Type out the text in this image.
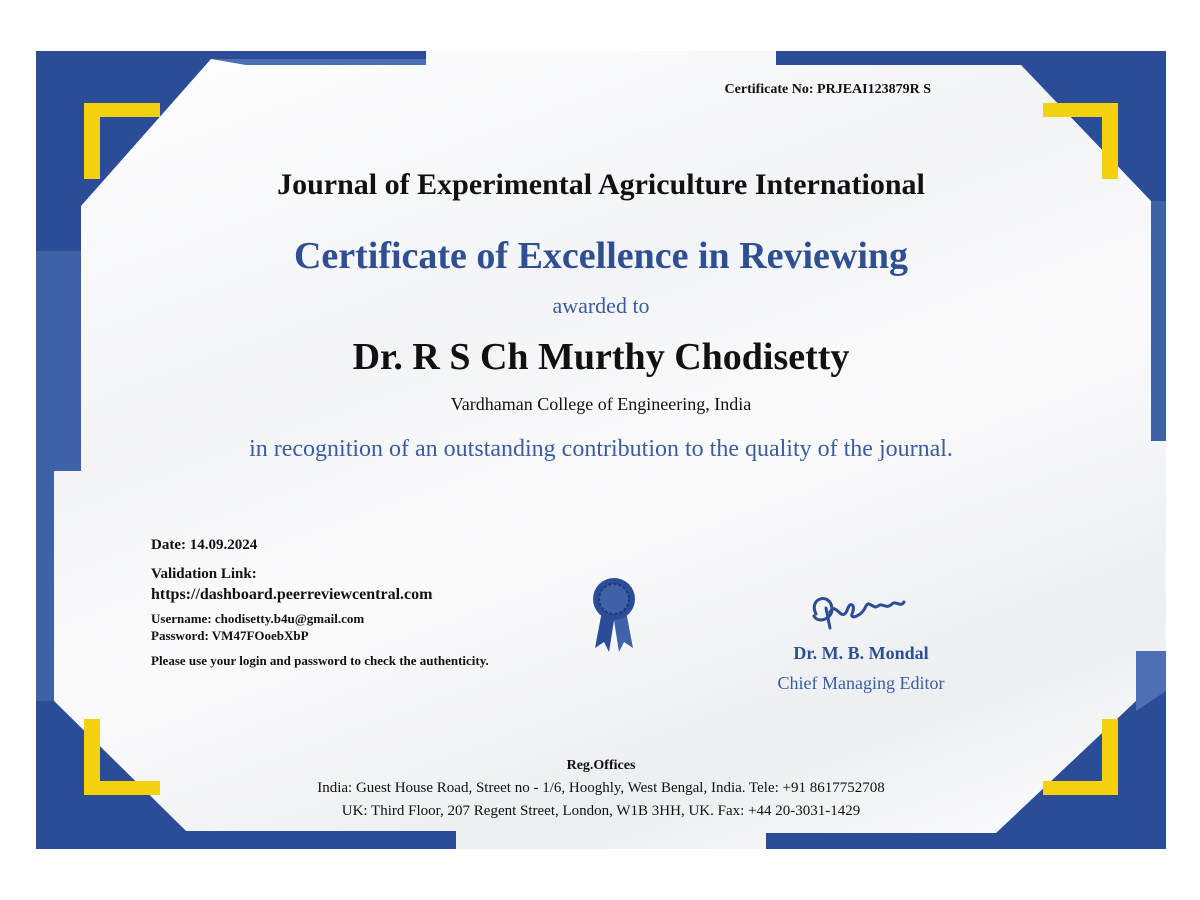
Certificate No: PRJEAI123879R S
Journal of Experimental Agriculture International
Certificate of Excellence in Reviewing
awarded to
Dr. R S Ch Murthy Chodisetty
Vardhaman College of Engineering, India
in recognition of an outstanding contribution to the quality of the journal.
Date: 14.09.2024
Validation Link:
https://dashboard.peerreviewcentral.com
Username: chodisetty.b4u@gmail.com
Password: VM47FOoebXbP
Please use your login and password to check the authenticity.	Dr. M. B. Mondal
Chief Managing Editor
Reg.Offices
India: Guest House Road, Street no - 1/6, Hooghly, West Bengal, India. Tele: +91 8617752708
UK: Third Floor, 207 Regent Street, London, W1B 3HH, UK. Fax: +44 20-3031-1429
